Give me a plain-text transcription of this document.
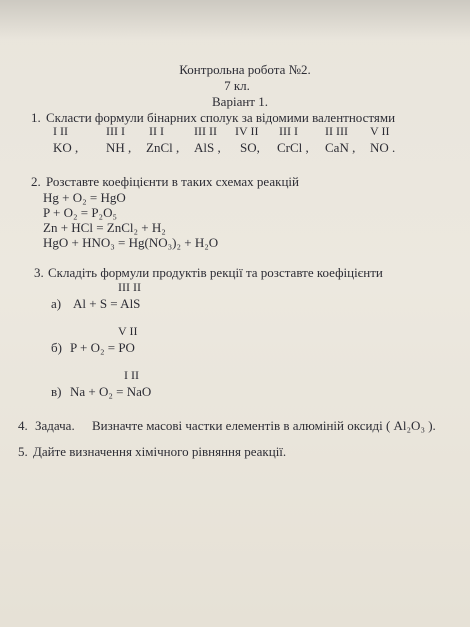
Контрольна робота №2.
7 кл.
Варіант 1.
1. Скласти формули бінарних сполук за відомими валентностями
I II	III I II I	III II IV II III I II III V II
KO , NH , ZnCl , AlS , SO, CrCl , CaN , NO .
2. Розставте коефіцієнти в таких схемах реакцій
Hg + O₂ = HgO
P + O₂ = P₂O₅
Zn + HCl = ZnCl₂ + H₂
HgO + HNO₃ = Hg(NO₃)₂ + H₂O
3. Складіть формули продуктів рекції та розставте коефіцієнти
III II
а) Al + S = AlS
V II
б) P + O₂ = PO
I II
в) Na + O₂ = NaO
4. Задача. Визначте масові частки елементів в алюміній оксиді ( Al₂O₃ ).
5. Дайте визначення хімічного рівняння реакції.
